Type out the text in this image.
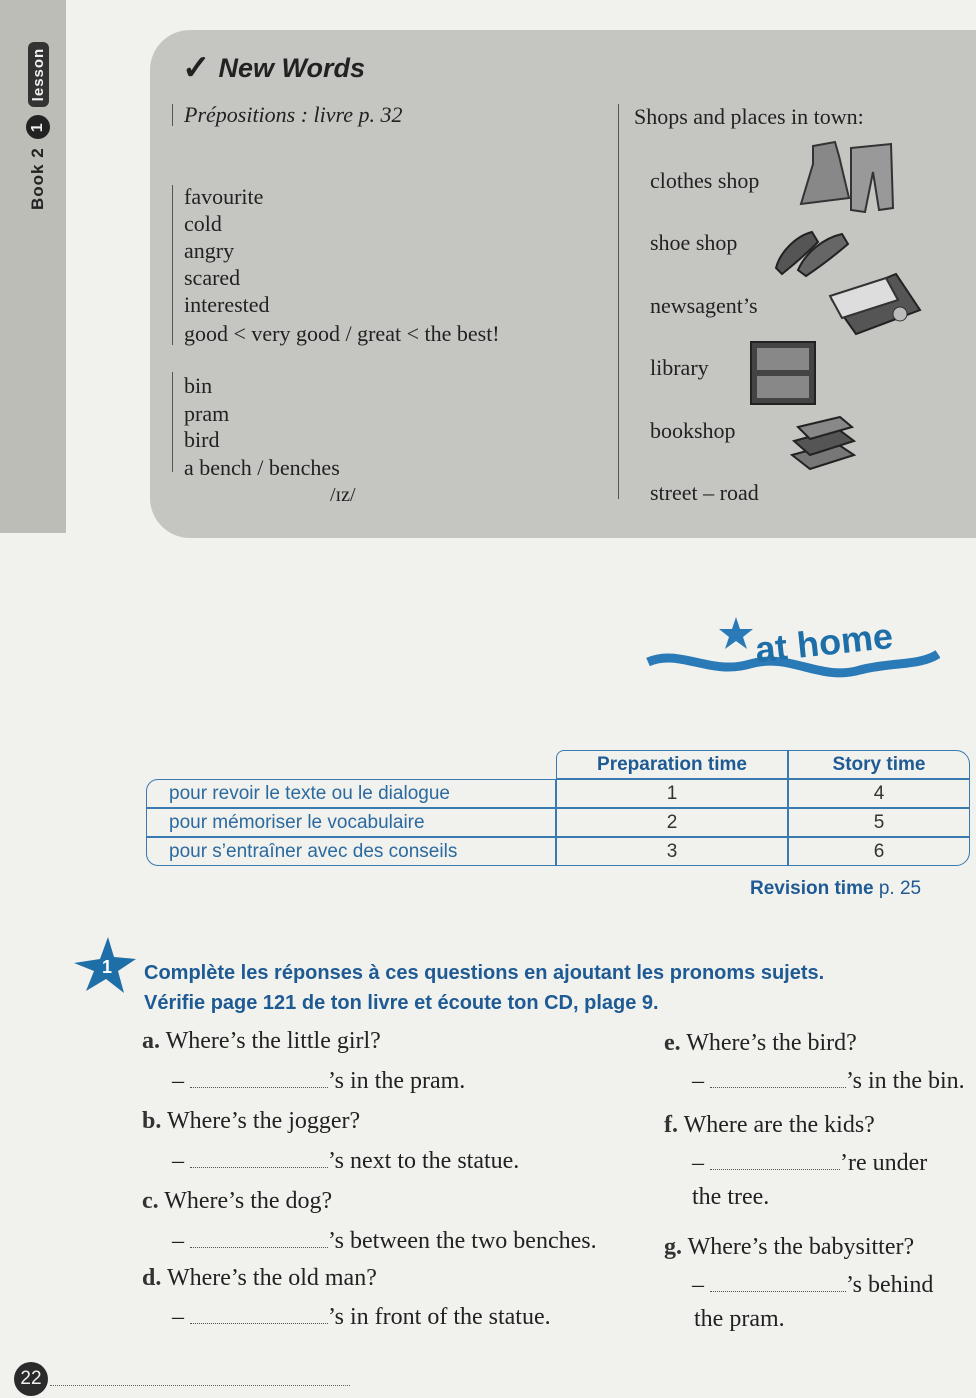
Book 2
1
lesson	✓ New Words
Prépositions : livre p. 32
favourite
cold
angry
scared
interested
good < very good / great < the best!
bin
pram
bird
a bench / benches
/ɪz/
Shops and places in town:
clothes shop
shoe shop
newsagent’s
library
bookshop
street – road
at home
	Preparation time	Story time
pour revoir le texte ou le dialogue	1	4
pour mémoriser le vocabulaire	2	5
pour s’entraîner avec des conseils	3	6
Revision time p. 25
1 Complète les réponses à ces questions en ajoutant les pronoms sujets.
Vérifie page 121 de ton livre et écoute ton CD, plage 9.
a. Where’s the little girl?
–	’s in the pram.
b. Where’s the jogger?
–	’s next to the statue.
c. Where’s the dog?
–	’s between the two benches.
d. Where’s the old man?
–	’s in front of the statue.
e. Where’s the bird?
–	’s in the bin.
f. Where are the kids?
–	’re under
the tree.
g. Where’s the babysitter?
–	’s behind
the pram.
22
